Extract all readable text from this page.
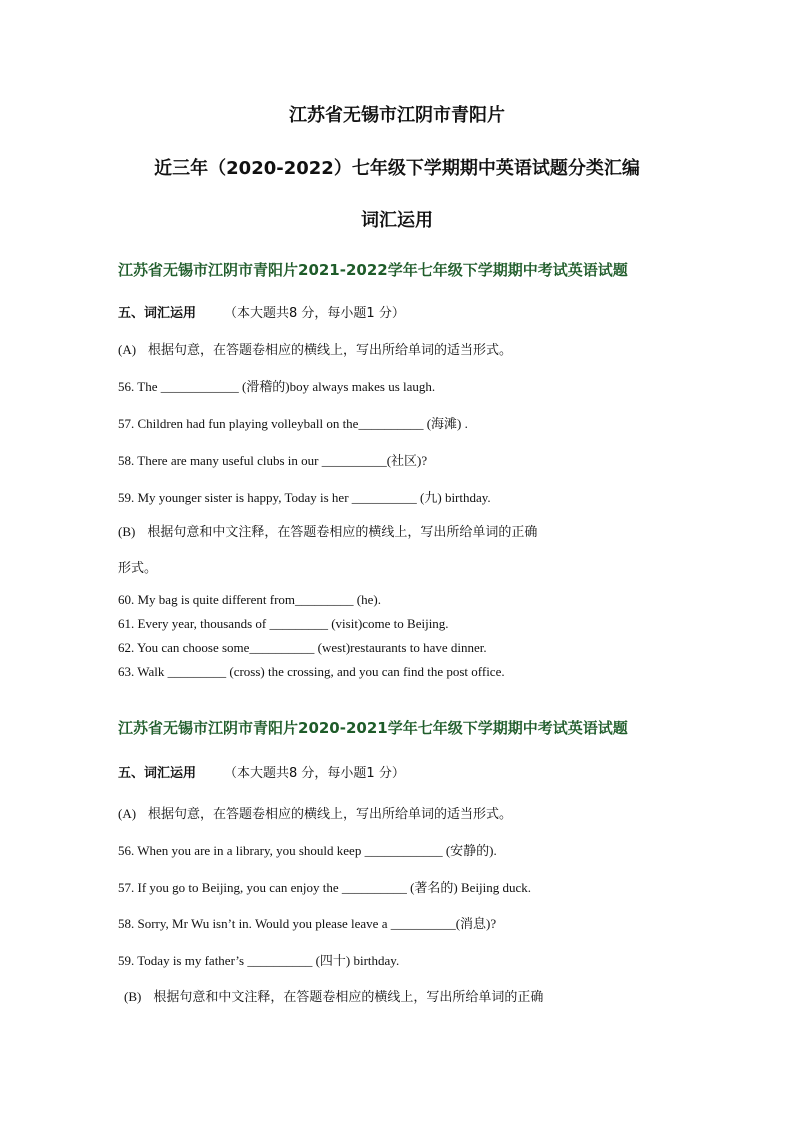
江苏省无锡市江阴市青阳片
近三年（2020-2022）七年级下学期期中英语试题分类汇编
词汇运用
江苏省无锡市江阴市青阳片2021-2022学年七年级下学期期中考试英语试题
五、词汇运用 （本大题共8 分，每小题1 分）
(A) 根据句意，在答题卷相应的横线上，写出所给单词的适当形式。
56. The ____________ (滑稽的)boy always makes us laugh.
57. Children had fun playing volleyball on the__________ (海滩) .
58. There are many useful clubs in our __________(社区)?
59. My younger sister is happy, Today is her __________ (九) birthday.
(B) 根据句意和中文注释，在答题卷相应的横线上，写出所给单词的正确
形式。
60. My bag is quite different from_________ (he).
61. Every year, thousands of _________ (visit)come to Beijing.
62. You can choose some__________ (west)restaurants to have dinner.
63. Walk _________ (cross) the crossing, and you can find the post office.
江苏省无锡市江阴市青阳片2020-2021学年七年级下学期期中考试英语试题
五、词汇运用 （本大题共8 分，每小题1 分）
(A) 根据句意，在答题卷相应的横线上，写出所给单词的适当形式。
56. When you are in a library, you should keep ____________ (安静的).
57. If you go to Beijing, you can enjoy the __________ (著名的) Beijing duck.
58. Sorry, Mr Wu isn’t in. Would you please leave a __________(消息)?
59. Today is my father’s __________ (四十) birthday.
(B) 根据句意和中文注释，在答题卷相应的横线上，写出所给单词的正确
